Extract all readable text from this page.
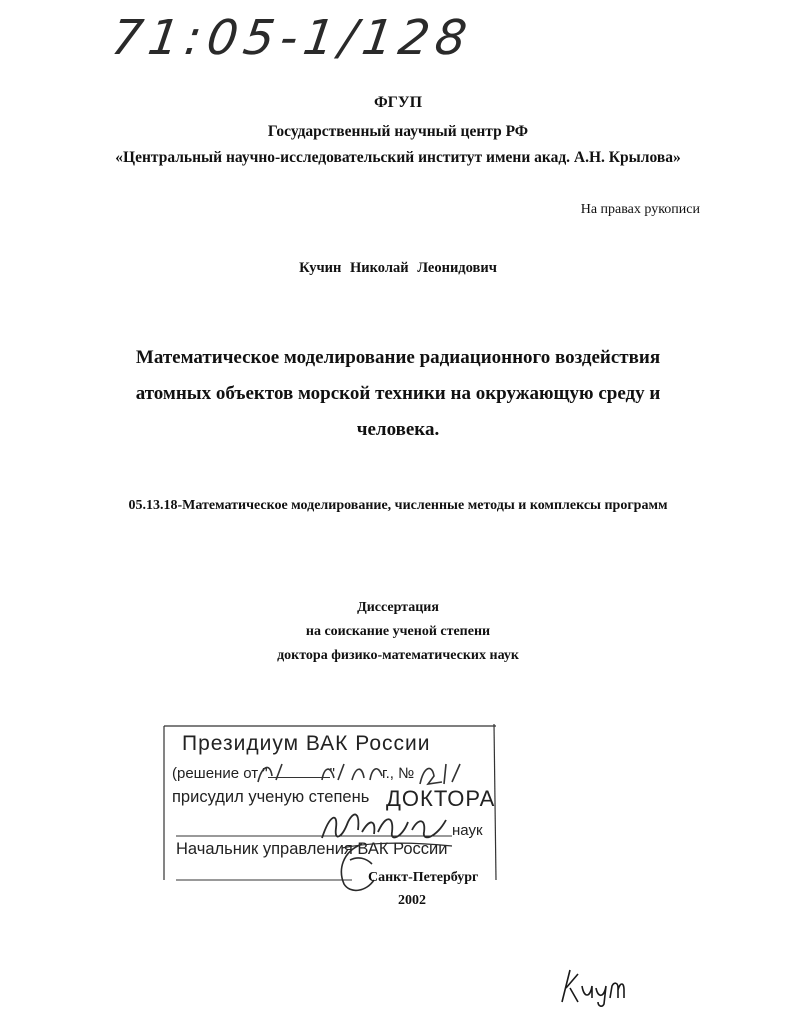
71:05-1/128
ФГУП
Государственный научный центр РФ
«Центральный научно-исследовательский институт имени акад. А.Н. Крылова»
На правах рукописи
Кучин Николай Леонидович
Математическое моделирование радиационного воздействия
атомных объектов морской техники на окружающую среду и
человека.
05.13.18-Математическое моделирование, численные методы и комплексы программ
Диссертация
на соискание ученой степени
доктора физико-математических наук
Президиум ВАК России
(решение от "	"	г., №
присудил ученую степень ДОКТОРА
наук
Начальник управления ВАК России
Санкт-Петербург
2002
